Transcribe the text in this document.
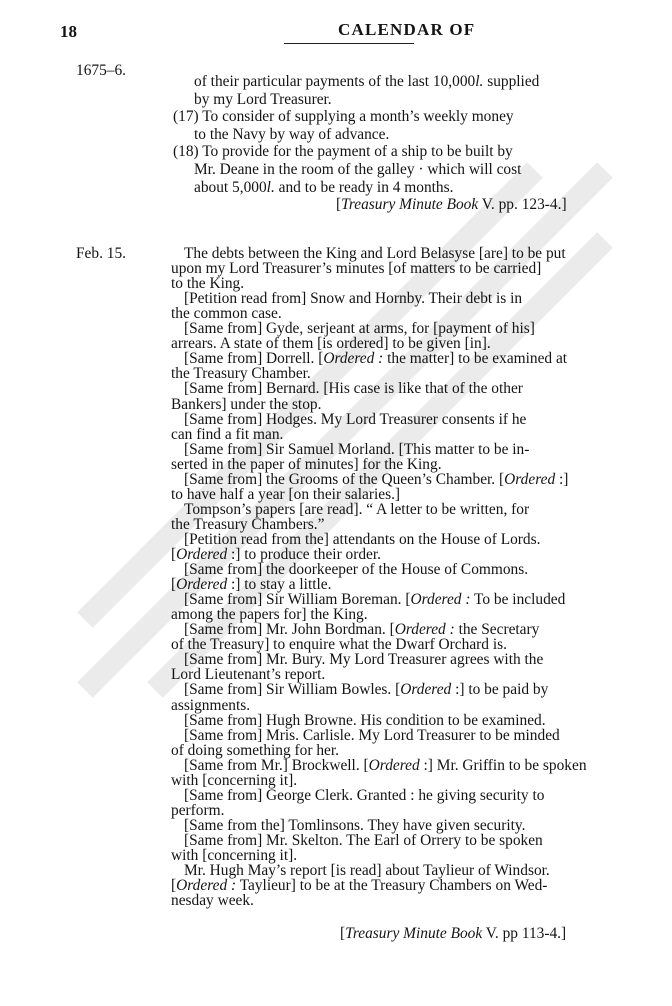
18	CALENDAR OF
1675–6.
Feb. 15.
of their particular payments of the last 10,000l. supplied
by my Lord Treasurer.
(17) To consider of supplying a month’s weekly money
to the Navy by way of advance.
(18) To provide for the payment of a ship to be built by
Mr. Deane in the room of the galley · which will cost
about 5,000l. and to be ready in 4 months.
[Treasury Minute Book V. pp. 123-4.]
The debts between the King and Lord Belasyse [are] to be put
upon my Lord Treasurer’s minutes [of matters to be carried]
to the King.
[Petition read from] Snow and Hornby. Their debt is in
the common case.
[Same from] Gyde, serjeant at arms, for [payment of his]
arrears. A state of them [is ordered] to be given [in].
[Same from] Dorrell. [Ordered : the matter] to be examined at
the Treasury Chamber.
[Same from] Bernard. [His case is like that of the other
Bankers] under the stop.
[Same from] Hodges. My Lord Treasurer consents if he
can find a fit man.
[Same from] Sir Samuel Morland. [This matter to be in-
serted in the paper of minutes] for the King.
[Same from] the Grooms of the Queen’s Chamber. [Ordered :]
to have half a year [on their salaries.]
Tompson’s papers [are read]. “ A letter to be written, for
the Treasury Chambers.”
[Petition read from the] attendants on the House of Lords.
[Ordered :] to produce their order.
[Same from] the doorkeeper of the House of Commons.
[Ordered :] to stay a little.
[Same from] Sir William Boreman. [Ordered : To be included
among the papers for] the King.
[Same from] Mr. John Bordman. [Ordered : the Secretary
of the Treasury] to enquire what the Dwarf Orchard is.
[Same from] Mr. Bury. My Lord Treasurer agrees with the
Lord Lieutenant’s report.
[Same from] Sir William Bowles. [Ordered :] to be paid by
assignments.
[Same from] Hugh Browne. His condition to be examined.
[Same from] Mris. Carlisle. My Lord Treasurer to be minded
of doing something for her.
[Same from Mr.] Brockwell. [Ordered :] Mr. Griffin to be spoken
with [concerning it].
[Same from] George Clerk. Granted : he giving security to
perform.
[Same from the] Tomlinsons. They have given security.
[Same from] Mr. Skelton. The Earl of Orrery to be spoken
with [concerning it].
Mr. Hugh May’s report [is read] about Taylieur of Windsor.
[Ordered : Taylieur] to be at the Treasury Chambers on Wed-
nesday week.
[Treasury Minute Book V. pp 113-4.]
